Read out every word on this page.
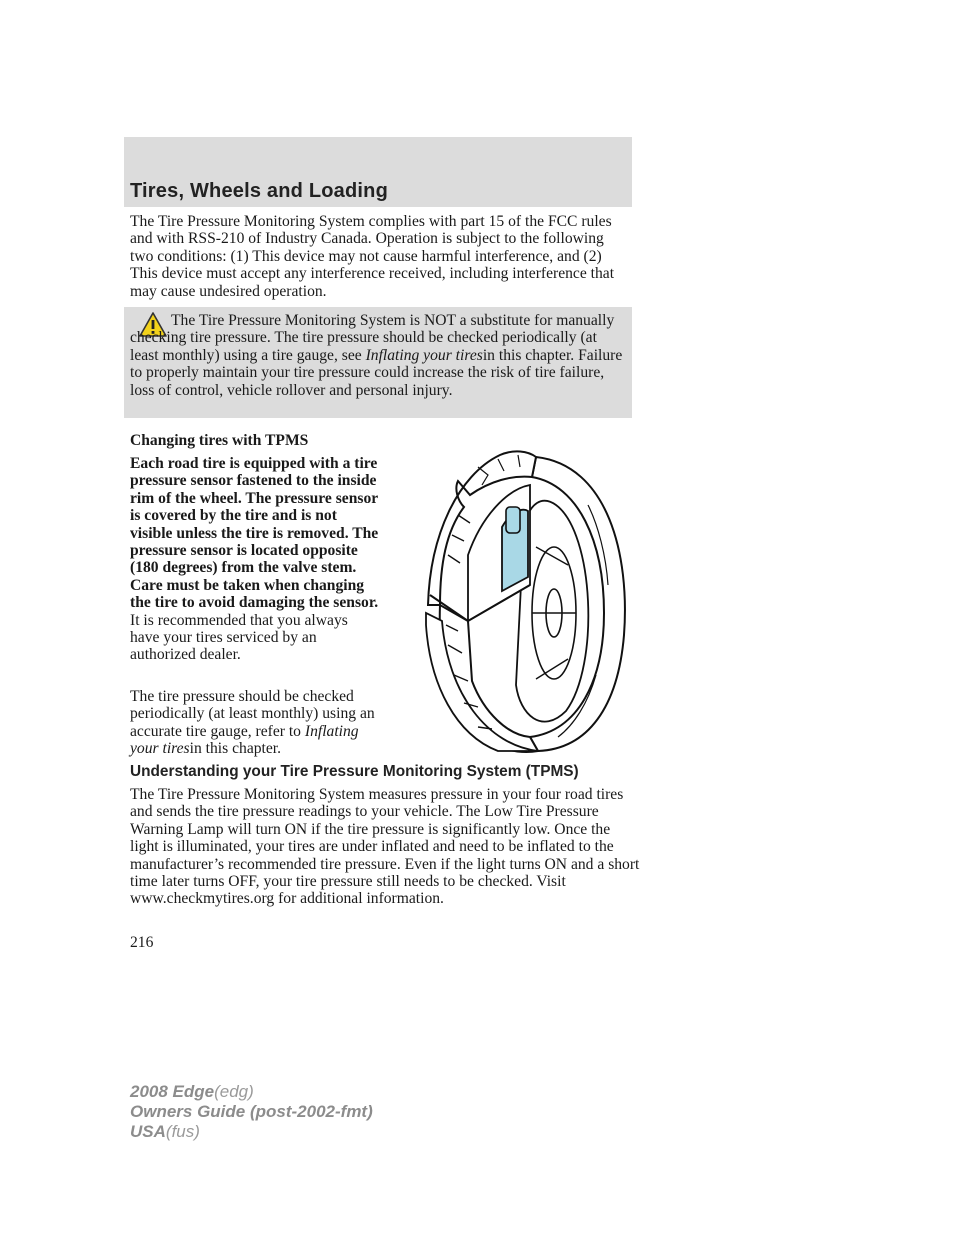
Tires, Wheels and Loading
The Tire Pressure Monitoring System complies with part 15 of the FCC rules and with RSS-210 of Industry Canada. Operation is subject to the following two conditions: (1) This device may not cause harmful interference, and (2) This device must accept any interference received, including interference that may cause undesired operation.
The Tire Pressure Monitoring System is NOT a substitute for manually checking tire pressure. The tire pressure should be checked periodically (at least monthly) using a tire gauge, see Inflating your tiresin this chapter. Failure to properly maintain your tire pressure could increase the risk of tire failure, loss of control, vehicle rollover and personal injury.
Changing tires with TPMS
Each road tire is equipped with a tire pressure sensor fastened to the inside rim of the wheel. The pressure sensor is covered by the tire and is not visible unless the tire is removed. The pressure sensor is located opposite (180 degrees) from the valve stem. Care must be taken when changing the tire to avoid damaging the sensor. It is recommended that you always have your tires serviced by an authorized dealer.
The tire pressure should be checked periodically (at least monthly) using an accurate tire gauge, refer to Inflating your tiresin this chapter.
Understanding your Tire Pressure Monitoring System (TPMS)
The Tire Pressure Monitoring System measures pressure in your four road tires and sends the tire pressure readings to your vehicle. The Low Tire Pressure Warning Lamp will turn ON if the tire pressure is significantly low. Once the light is illuminated, your tires are under inflated and need to be inflated to the manufacturer’s recommended tire pressure. Even if the light turns ON and a short time later turns OFF, your tire pressure still needs to be checked. Visit www.checkmytires.org for additional information.
216
2008 Edge(edg)
Owners Guide (post-2002-fmt)
USA(fus)
